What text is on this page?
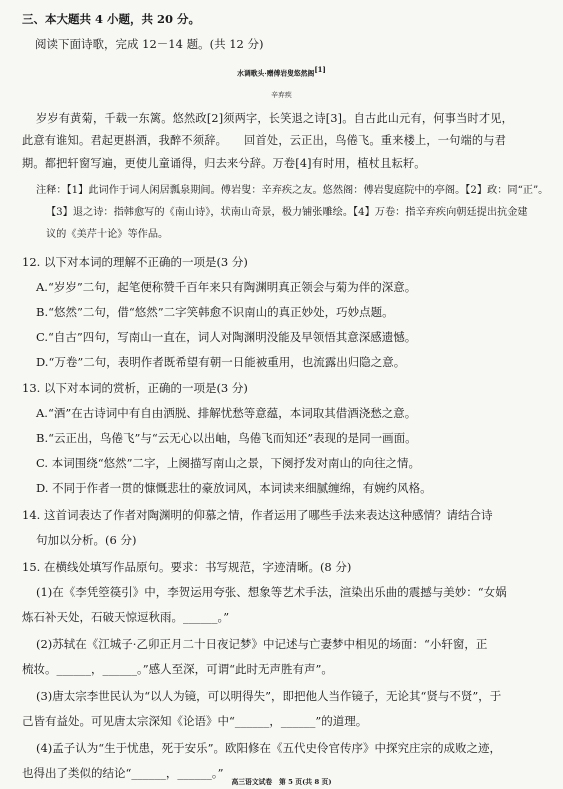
三、本大题共 4 小题，共 20 分。
阅读下面诗歌，完成 12－14 题。(共 12 分)
水调歌头·赠傅岩叟悠然阁[1]
辛弃疾
岁岁有黄菊，千载一东篱。悠然政[2]须两字，长笑退之诗[3]。自古此山元有，何事当时才见，
此意有谁知。君起更斟酒，我醉不须辞。　　回首处，云正出，鸟倦飞。重来楼上，一句端的与君
期。都把轩窗写遍，更使儿童诵得，归去来兮辞。万卷[4]有时用，植杖且耘耔。
注释：【1】此词作于词人闲居瓢泉期间。傅岩叟：辛弃疾之友。悠然阁：傅岩叟庭院中的亭阁。【2】政：同“正”。
【3】退之诗：指韩愈写的《南山诗》，状南山奇景，极力铺张雕绘。【4】万卷：指辛弃疾向朝廷提出抗金建
议的《美芹十论》等作品。
12. 以下对本词的理解不正确的一项是(3 分)
A.“岁岁”二句，起笔便称赞千百年来只有陶渊明真正领会与菊为伴的深意。
B.“悠然”二句，借“悠然”二字笑韩愈不识南山的真正妙处，巧妙点题。
C.“自古”四句，写南山一直在，词人对陶渊明没能及早领悟其意深感遗憾。
D.“万卷”二句，表明作者既希望有朝一日能被重用，也流露出归隐之意。
13. 以下对本词的赏析，正确的一项是(3 分)
A.“酒”在古诗词中有自由洒脱、排解忧愁等意蕴，本词取其借酒浇愁之意。
B.“云正出，鸟倦飞”与“云无心以出岫，鸟倦飞而知还”表现的是同一画面。
C. 本词围绕“悠然”二字，上阕描写南山之景，下阕抒发对南山的向往之情。
D. 不同于作者一贯的慷慨悲壮的豪放词风，本词读来细腻缠绵，有婉约风格。
14. 这首词表达了作者对陶渊明的仰慕之情，作者运用了哪些手法来表达这种感情？请结合诗
句加以分析。(6 分)
15. 在横线处填写作品原句。要求：书写规范，字迹清晰。(8 分)
(1)在《李凭箜篌引》中，李贺运用夸张、想象等艺术手法，渲染出乐曲的震撼与美妙：“女娲
炼石补天处，石破天惊逗秋雨。______。”
(2)苏轼在《江城子·乙卯正月二十日夜记梦》中记述与亡妻梦中相见的场面：“小轩窗，正
梳妆。______，______。”感人至深，可谓“此时无声胜有声”。
(3)唐太宗李世民认为“以人为镜，可以明得失”，即把他人当作镜子，无论其“贤与不贤”，于
己皆有益处。可见唐太宗深知《论语》中“______，______”的道理。
(4)孟子认为“生于忧患，死于安乐”。欧阳修在《五代史伶官传序》中探究庄宗的成败之迹，
也得出了类似的结论“______，______。”
高三语文试卷　第 5 页(共 8 页)
